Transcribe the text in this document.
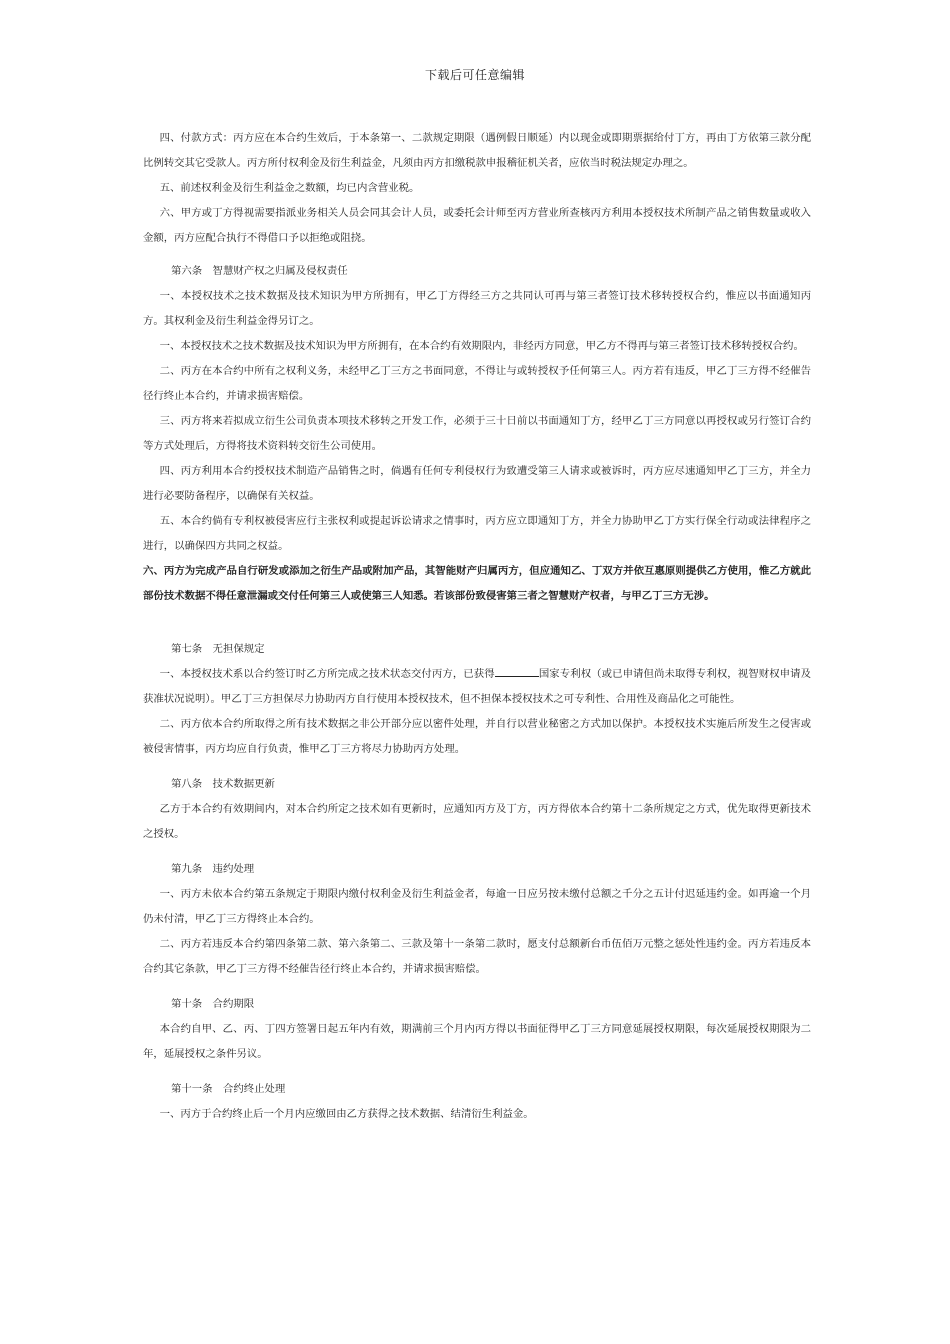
下载后可任意编辑

四、付款方式：丙方应在本合约生效后，于本条第一、二款规定期限（遇例假日顺延）内以现金或即期票据给付丁方，再由丁方依第三款分配比例转交其它受款人。丙方所付权利金及衍生利益金，凡须由丙方扣缴税款申报稽征机关者，应依当时税法规定办理之。

五、前述权利金及衍生利益金之数额，均已内含营业税。

六、甲方或丁方得视需要指派业务相关人员会同其会计人员，或委托会计师至丙方营业所查核丙方利用本授权技术所制产品之销售数量或收入金额，丙方应配合执行不得借口予以拒绝或阻挠。

第六条　智慧财产权之归属及侵权责任

一、本授权技术之技术数据及技术知识为甲方所拥有，甲乙丁方得经三方之共同认可再与第三者签订技术移转授权合约，惟应以书面通知丙方。其权利金及衍生利益金得另订之。

一、本授权技术之技术数据及技术知识为甲方所拥有，在本合约有效期限内，非经丙方同意，甲乙方不得再与第三者签订技术移转授权合约。

二、丙方在本合约中所有之权利义务，未经甲乙丁三方之书面同意，不得让与或转授权予任何第三人。丙方若有违反，甲乙丁三方得不经催告径行终止本合约，并请求损害赔偿。

三、丙方将来若拟成立衍生公司负责本项技术移转之开发工作，必须于三十日前以书面通知丁方，经甲乙丁三方同意以再授权或另行签订合约等方式处理后，方得将技术资料转交衍生公司使用。

四、丙方利用本合约授权技术制造产品销售之时，倘遇有任何专利侵权行为致遭受第三人请求或被诉时，丙方应尽速通知甲乙丁三方，并全力进行必要防备程序，以确保有关权益。

五、本合约倘有专利权被侵害应行主张权利或提起诉讼请求之情事时，丙方应立即通知丁方，并全力协助甲乙丁方实行保全行动或法律程序之进行，以确保四方共同之权益。

六、丙方为完成产品自行研发或添加之衍生产品或附加产品，其智能财产归属丙方，但应通知乙、丁双方并依互惠原则提供乙方使用，惟乙方就此部份技术数据不得任意泄漏或交付任何第三人或使第三人知悉。若该部份致侵害第三者之智慧财产权者，与甲乙丁三方无涉。

第七条　无担保规定

一、本授权技术系以合约签订时乙方所完成之技术状态交付丙方，已获得	国家专利权（或已申请但尚未取得专利权，视智财权申请及获准状况说明）。甲乙丁三方担保尽力协助丙方自行使用本授权技术，但不担保本授权技术之可专利性、合用性及商品化之可能性。

二、丙方依本合约所取得之所有技术数据之非公开部分应以密件处理，并自行以营业秘密之方式加以保护。本授权技术实施后所发生之侵害或被侵害情事，丙方均应自行负责，惟甲乙丁三方将尽力协助丙方处理。

第八条　技术数据更新

乙方于本合约有效期间内，对本合约所定之技术如有更新时，应通知丙方及丁方，丙方得依本合约第十二条所规定之方式，优先取得更新技术之授权。

第九条　违约处理

一、丙方未依本合约第五条规定于期限内缴付权利金及衍生利益金者，每逾一日应另按未缴付总额之千分之五计付迟延违约金。如再逾一个月仍未付清，甲乙丁三方得终止本合约。

二、丙方若违反本合约第四条第二款、第六条第二、三款及第十一条第二款时，愿支付总额新台币伍佰万元整之惩处性违约金。丙方若违反本合约其它条款，甲乙丁三方得不经催告径行终止本合约，并请求损害赔偿。

第十条　合约期限

本合约自甲、乙、丙、丁四方签署日起五年内有效，期满前三个月内丙方得以书面征得甲乙丁三方同意延展授权期限，每次延展授权期限为二年，延展授权之条件另议。

第十一条　合约终止处理

一、丙方于合约终止后一个月内应缴回由乙方获得之技术数据、结清衍生利益金。
